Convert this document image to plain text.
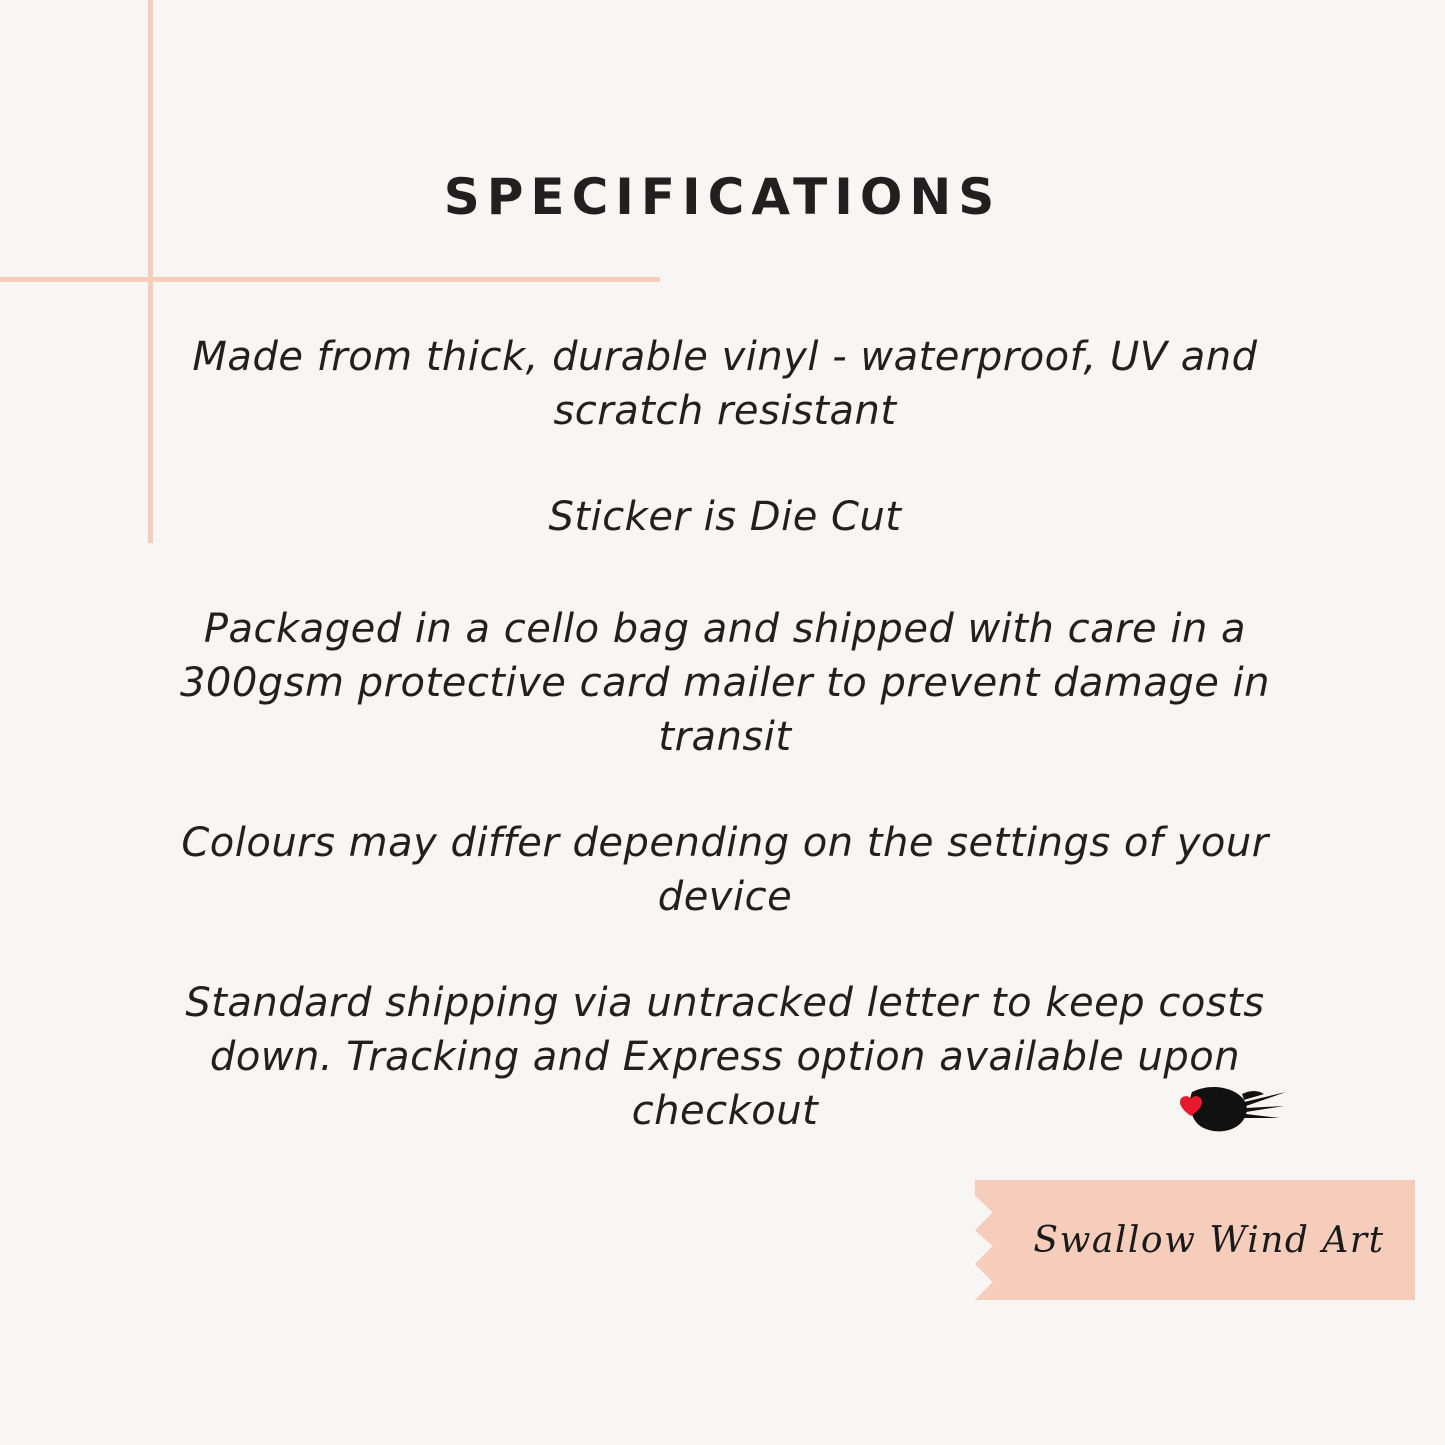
SPECIFICATIONS

Made from thick, durable vinyl - waterproof, UV and scratch resistant

Sticker is Die Cut

Packaged in a cello bag and shipped with care in a 300gsm protective card mailer to prevent damage in transit

Colours may differ depending on the settings of your device

Standard shipping via untracked letter to keep costs down. Tracking and Express option available upon checkout

Swallow Wind Art
